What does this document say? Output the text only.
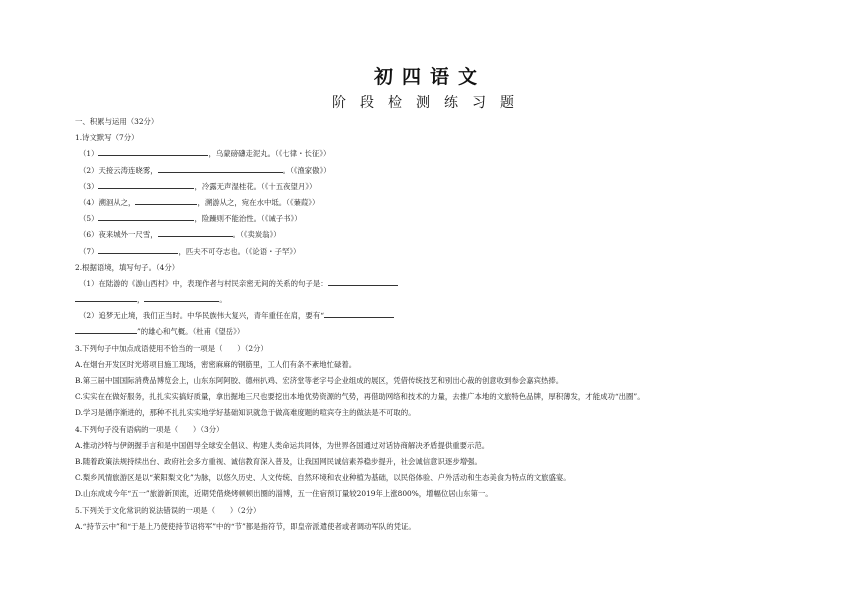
初四语文
阶段检测练习题
一、积累与运用（32分）
1.诗文默写（7分）
（1）	，乌蒙磅礴走泥丸。（《七律・长征》）
（2）天接云涛连晓雾，	。（《渔家傲》）
（3）	，冷露无声湿桂花。（《十五夜望月》）
（4）溯洄从之，	，溯游从之，宛在水中坻。（《蒹葭》）
（5）	，险躁则不能治性。（《诫子书》）
（6）夜来城外一尺雪，	。（《卖炭翁》）
（7）	，匹夫不可夺志也。（《论语・子罕》）
2.根据语境，填写句子。（4分）
（1）在陆游的《游山西村》中，表现作者与村民亲密无间的关系的句子是：
，	。
（2）追梦无止境，我们正当时。中华民族伟大复兴，青年重任在肩，要有“
”的雄心和气概。（杜甫《望岳》）
3.下列句子中加点成语使用不恰当的一项是（　　）（2分）
A.在烟台开发区时光塔项目施工现场，密密麻麻的钢筋里，工人们有条不紊地忙碌着。
B.第三届中国国际消费品博览会上，山东东阿阿胶、德州扒鸡、宏济堂等老字号企业组成的展区，凭借传统技艺和别出心裁的创意收到参会嘉宾热捧。
C.实实在在做好服务，扎扎实实搞好质量，拿出掘地三尺也要挖出本地优势资源的气势，再借助网络和技术的力量，去推广本地的文旅特色品牌，厚积薄发，才能成功“出圈”。
D.学习是循序渐进的，那种不扎扎实实地学好基础知识就急于做高难度题的喧宾夺主的做法是不可取的。
4.下列句子没有语病的一项是（　　）（3分）
A.推动沙特与伊朗握手言和是中国倡导全球安全倡议、构建人类命运共同体，为世界各国通过对话协商解决矛盾提供重要示范。
B.随着政策法规持续出台、政府社会多方重视、诚信教育深入普及，让我国网民诚信素养稳步提升，社会诚信意识逐步增强。
C.梨乡风情旅游区是以“莱阳梨文化”为脉，以悠久历史、人文传统、自然环境和农业种植为基础，以民俗体验、户外活动和生态美食为特点的文旅盛宴。
D.山东成成今年“五一”旅游新顶流，近期凭借烧烤顿顿出圈的淄博，五一住宿预订量较2019年上涨800%，增幅位居山东第一。
5.下列关于文化常识的说法错误的一项是（　　）（2分）
A.“持节云中”和“于是上乃使使持节诏将军”中的“节”都是指符节，即皇帝派遣使者或者调动军队的凭证。
